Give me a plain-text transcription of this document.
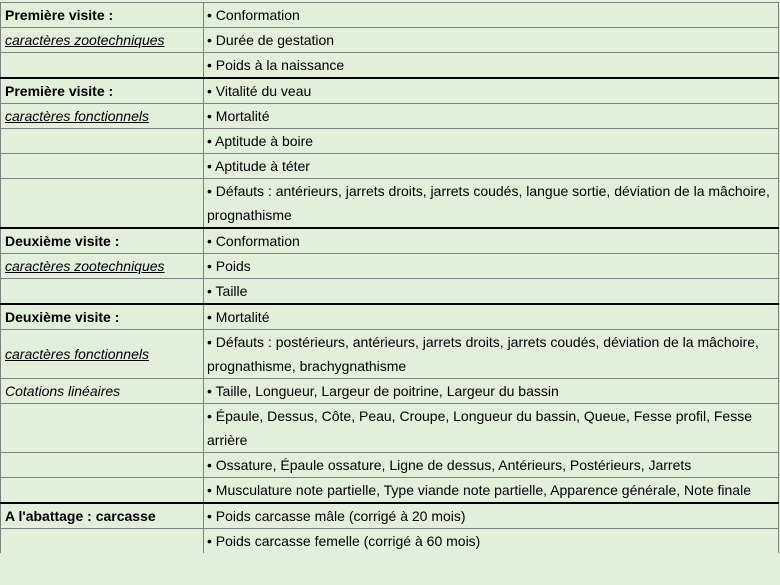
Première visite :	• Conformation
caractères zootechniques	• Durée de gestation
	• Poids à la naissance
Première visite :	• Vitalité du veau
caractères fonctionnels	• Mortalité
	• Aptitude à boire
	• Aptitude à téter
	• Défauts : antérieurs, jarrets droits, jarrets coudés, langue sortie, déviation de la mâchoire, prognathisme
Deuxième visite :	• Conformation
caractères zootechniques	• Poids
	• Taille
Deuxième visite :	• Mortalité
caractères fonctionnels	• Défauts : postérieurs, antérieurs, jarrets droits, jarrets coudés, déviation de la mâchoire, prognathisme, brachygnathisme
Cotations linéaires	• Taille, Longueur, Largeur de poitrine, Largeur du bassin
	• Épaule, Dessus, Côte, Peau, Croupe, Longueur du bassin, Queue, Fesse profil, Fesse arrière
	• Ossature, Épaule ossature, Ligne de dessus, Antérieurs, Postérieurs, Jarrets
	• Musculature note partielle, Type viande note partielle, Apparence générale, Note finale
A l'abattage : carcasse	• Poids carcasse mâle (corrigé à 20 mois)
	• Poids carcasse femelle (corrigé à 60 mois)
